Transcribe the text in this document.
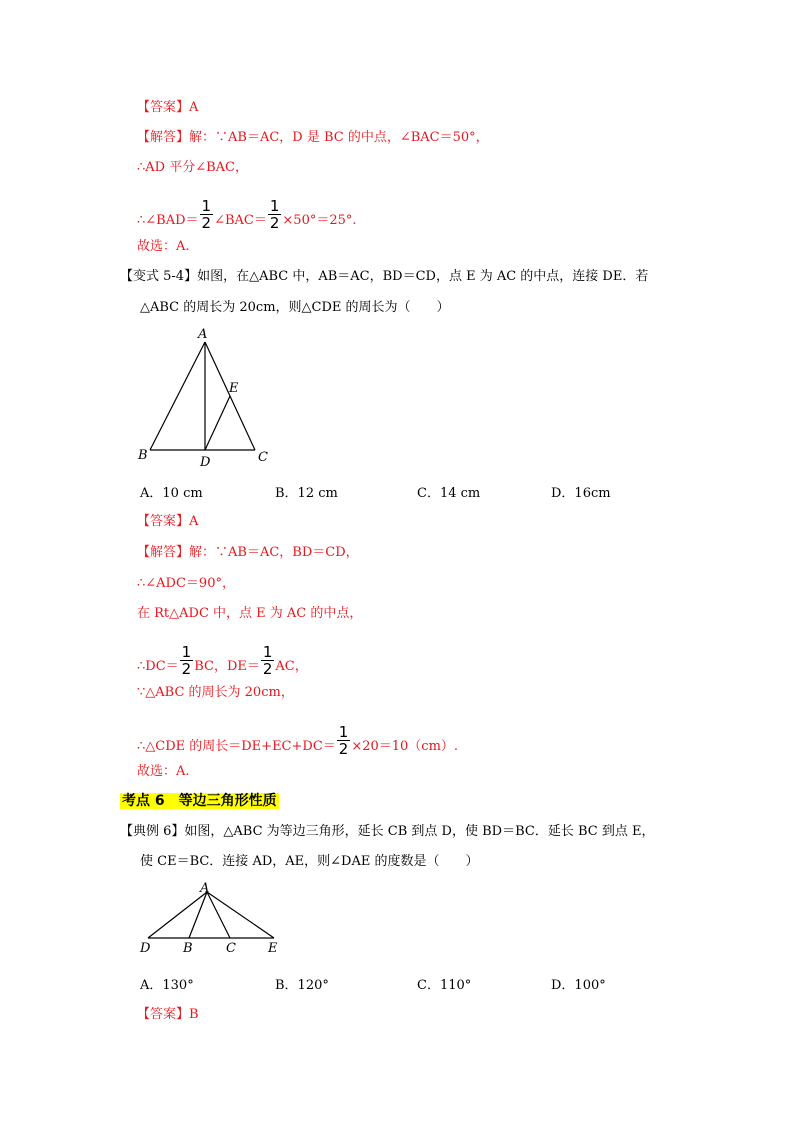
【答案】A
【解答】解：∵AB＝AC，D 是 BC 的中点，∠BAC＝50°，
∴AD 平分∠BAC，
∴∠BAD＝ $\frac{1}{2}$ ∠BAC＝ $\frac{1}{2} \times 50^\circ=25^\circ$.
故选：A.
【变式 5-4】如图，在△ABC 中，AB＝AC，BD＝CD，点 E 为 AC 的中点，连接 DE．若
△ABC 的周长为 20cm，则△CDE 的周长为（　　）
A
B	C
D
E
A．10 cm	B．12 cm	C．14 cm	D．16cm
【答案】A
【解答】解：∵AB＝AC，BD＝CD，
∴∠ADC＝90°，
在 Rt△ADC 中，点 E 为 AC 的中点，
∴DC＝ $\frac{1}{2}$ BC，$DE= \frac{1}{2}$ AC，
∵△ABC 的周长为 20cm，
∴△CDE 的周长$=DE+EC+DC= \frac{1}{2} \times 20=10(cm)$.
故选：A.
考点 6　等边三角形性质
【典例 6】如图，△ABC 为等边三角形，延长 CB 到点 D，使 BD＝BC．延长 BC 到点 E，
使 CE＝BC．连接 AD，AE，则∠DAE 的度数是（　　）
A
D	B	C E
A．130°	B．120°	C．110°	D．100°
【答案】B
